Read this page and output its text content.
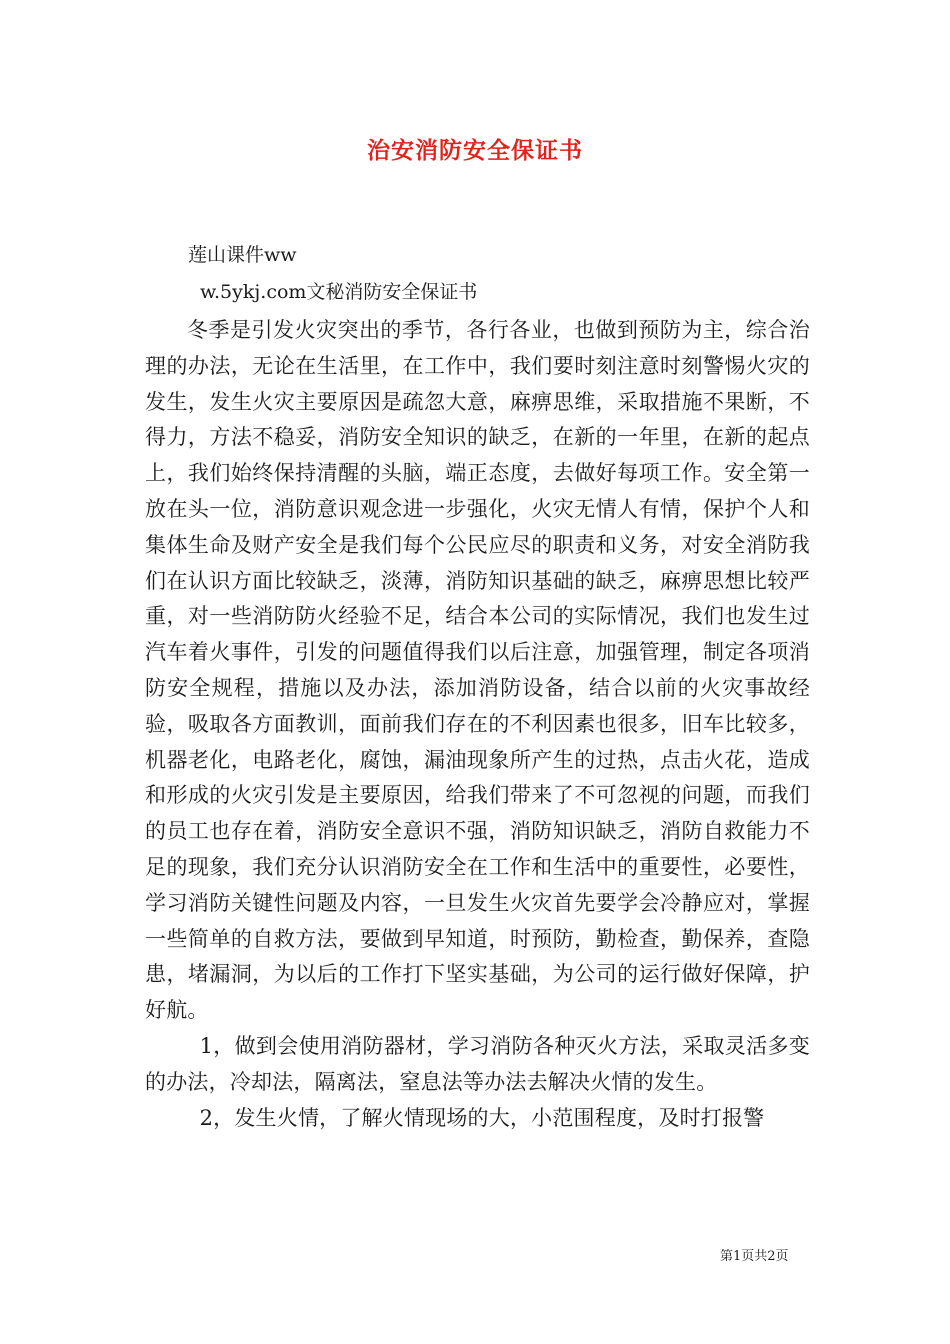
治安消防安全保证书
莲山课件ww
w.5ykj.com文秘消防安全保证书

冬季是引发火灾突出的季节，各行各业，也做到预防为主，综合治理的办法，无论在生活里，在工作中，我们要时刻注意时刻警惕火灾的发生，发生火灾主要原因是疏忽大意，麻痹思维，采取措施不果断，不得力，方法不稳妥，消防安全知识的缺乏，在新的一年里，在新的起点上，我们始终保持清醒的头脑，端正态度，去做好每项工作。安全第一放在头一位，消防意识观念进一步强化，火灾无情人有情，保护个人和集体生命及财产安全是我们每个公民应尽的职责和义务，对安全消防我们在认识方面比较缺乏，淡薄，消防知识基础的缺乏，麻痹思想比较严重，对一些消防防火经验不足，结合本公司的实际情况，我们也发生过汽车着火事件，引发的问题值得我们以后注意，加强管理，制定各项消防安全规程，措施以及办法，添加消防设备，结合以前的火灾事故经验，吸取各方面教训，面前我们存在的不利因素也很多，旧车比较多，机器老化，电路老化，腐蚀，漏油现象所产生的过热，点击火花，造成和形成的火灾引发是主要原因，给我们带来了不可忽视的问题，而我们的员工也存在着，消防安全意识不强，消防知识缺乏，消防自救能力不足的现象，我们充分认识消防安全在工作和生活中的重要性，必要性，学习消防关键性问题及内容，一旦发生火灾首先要学会冷静应对，掌握一些简单的自救方法，要做到早知道，时预防，勤检查，勤保养，查隐患，堵漏洞，为以后的工作打下坚实基础，为公司的运行做好保障，护好航。

1，做到会使用消防器材，学习消防各种灭火方法，采取灵活多变的办法，冷却法，隔离法，窒息法等办法去解决火情的发生。

2，发生火情，了解火情现场的大，小范围程度，及时打报警

第1页共2页
